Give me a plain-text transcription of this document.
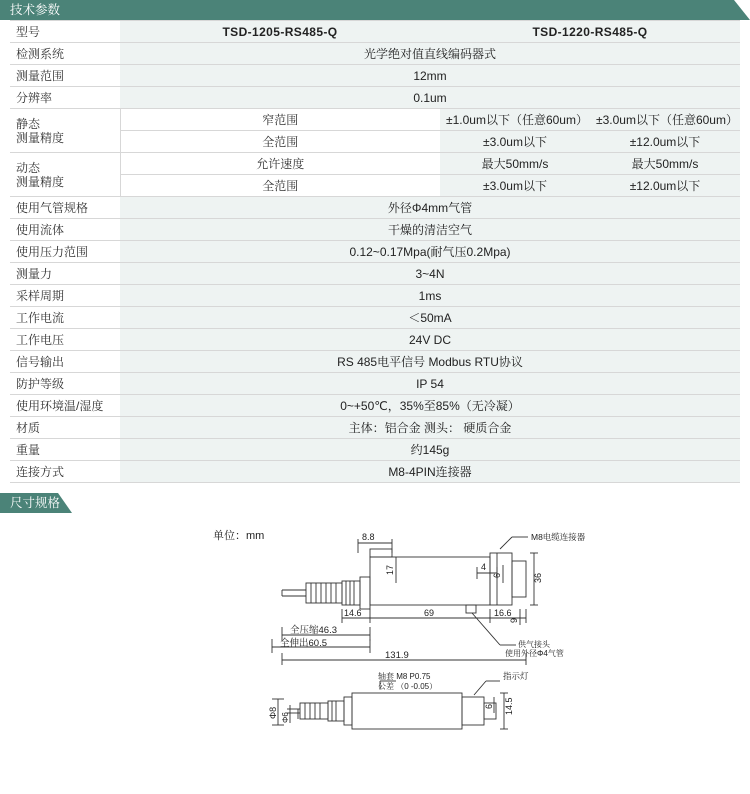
技术参数
型号	TSD-1205-RS485-Q	TSD-1220-RS485-Q	
检测系统	光学绝对值直线编码器式		
测量范围	12mm		
分辨率	0.1um		

静态
测量精度	窄范围	±1.0um以下（任意60um）	±3.0um以下（任意60um）
	全范围	±3.0um以下	±12.0um以下

动态
测量精度	允许速度	最大50mm/s	最大50mm/s
	全范围	±3.0um以下	±12.0um以下
使用气管规格	外径Φ4mm气管		
使用流体	干燥的清洁空气		
使用压力范围	0.12~0.17Mpa(耐气压0.2Mpa)		
测量力	3~4N		
采样周期	1ms		
工作电流	＜50mA		
工作电压	24V DC		
信号输出	RS 485电平信号 Modbus RTU协议		
防护等级	IP 54		
使用环境温/湿度	0~+50℃，35%至85%（无冷凝）		
材质	主体：铝合金 测头： 硬质合金		
重量	约145g		
连接方式	M8-4PIN连接器		
尺寸规格
单位：mm	M8电缆连接器
供气接头
使用外径Φ4气管
指示灯
轴套 M8 P0.75
公差 （0 ‑0.05）
8.8
14.6	69	16.6
4
6	36
17
9
全压缩46.3
全伸出60.5
131.9
14.5
6
Φ8 Φ6
